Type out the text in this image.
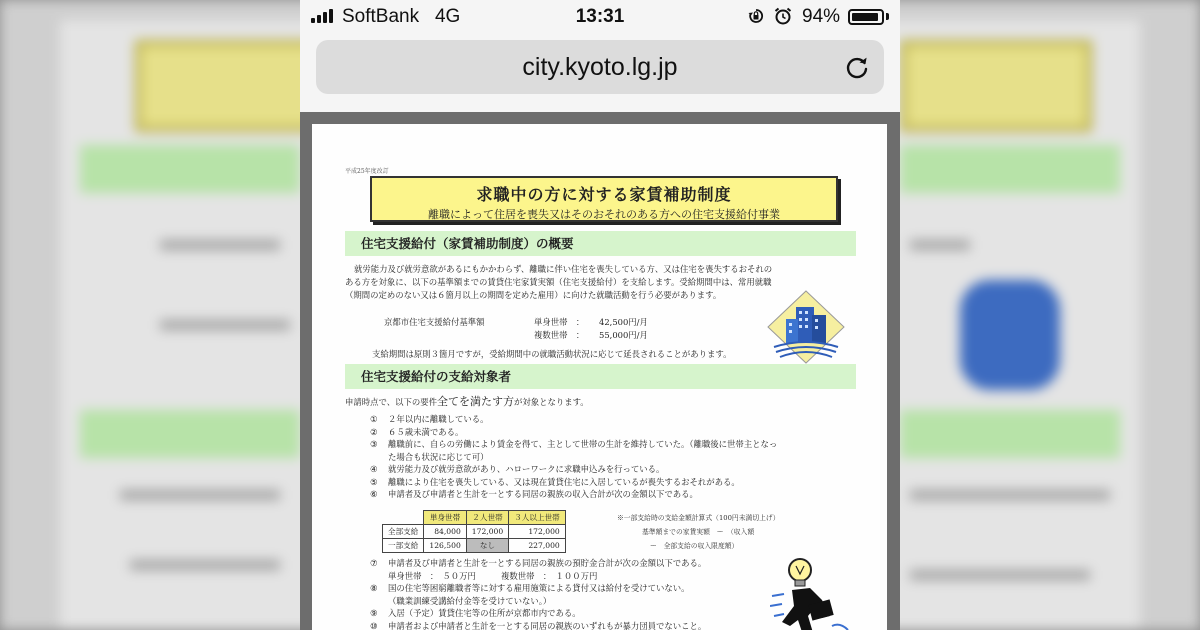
SoftBank 4G	13:31	94%
city.kyoto.lg.jp
平成25年度改訂
求職中の方に対する家賃補助制度
離職によって住居を喪失又はそのおそれのある方への住宅支援給付事業
住宅支援給付（家賃補助制度）の概要
就労能力及び就労意欲があるにもかかわらず、離職に伴い住宅を喪失している方、又は住宅を喪失するおそれの
ある方を対象に、以下の基準額までの賃貸住宅家賃実額（住宅支援給付）を支給します。受給期間中は、常用就職
（期間の定めのない又は６箇月以上の期間を定めた雇用）に向けた就職活動を行う必要があります。
京都市住宅支援給付基準額	単身世帯　： 42,500円/月
複数世帯　： 55,000円/月
支給期間は原則３箇月ですが，受給期間中の就職活動状況に応じて延長されることがあります。
住宅支援給付の支給対象者
申請時点で、以下の要件全てを満たす方が対象となります。
① ２年以内に離職している。
② ６５歳未満である。
③ 離職前に、自らの労働により賃金を得て、主として世帯の生計を維持していた。（離職後に世帯主となっ
た場合も状況に応じて可）
④ 就労能力及び就労意欲があり、ハローワークに求職申込みを行っている。
⑤ 離職により住宅を喪失している、又は現在賃貸住宅に入居しているが喪失するおそれがある。
⑥ 申請者及び申請者と生計を一とする同居の親族の収入合計が次の金額以下である。
	単身世帯	２人世帯	３人以上世帯
全部支給	84,000	172,000	172,000
一部支給	126,500	なし	227,000
※一部支給時の支給金額計算式（100円未満切上げ）
基準額までの家賃実額　ー　（収入額
ー　全部支給の収入限度額）
⑦ 申請者及び申請者と生計を一とする同居の親族の預貯金合計が次の金額以下である。
単身世帯　：　５０万円　　　複数世帯　：　１００万円
⑧ 国の住宅等困窮離職者等に対する雇用施策による貸付又は給付を受けていない。
（職業訓練受講給付金等を受けていない。）
⑨ 入居（予定）賃貸住宅等の住所が京都市内である。
⑩ 申請者および申請者と生計を一とする同居の親族のいずれもが暴力団員でないこと。
